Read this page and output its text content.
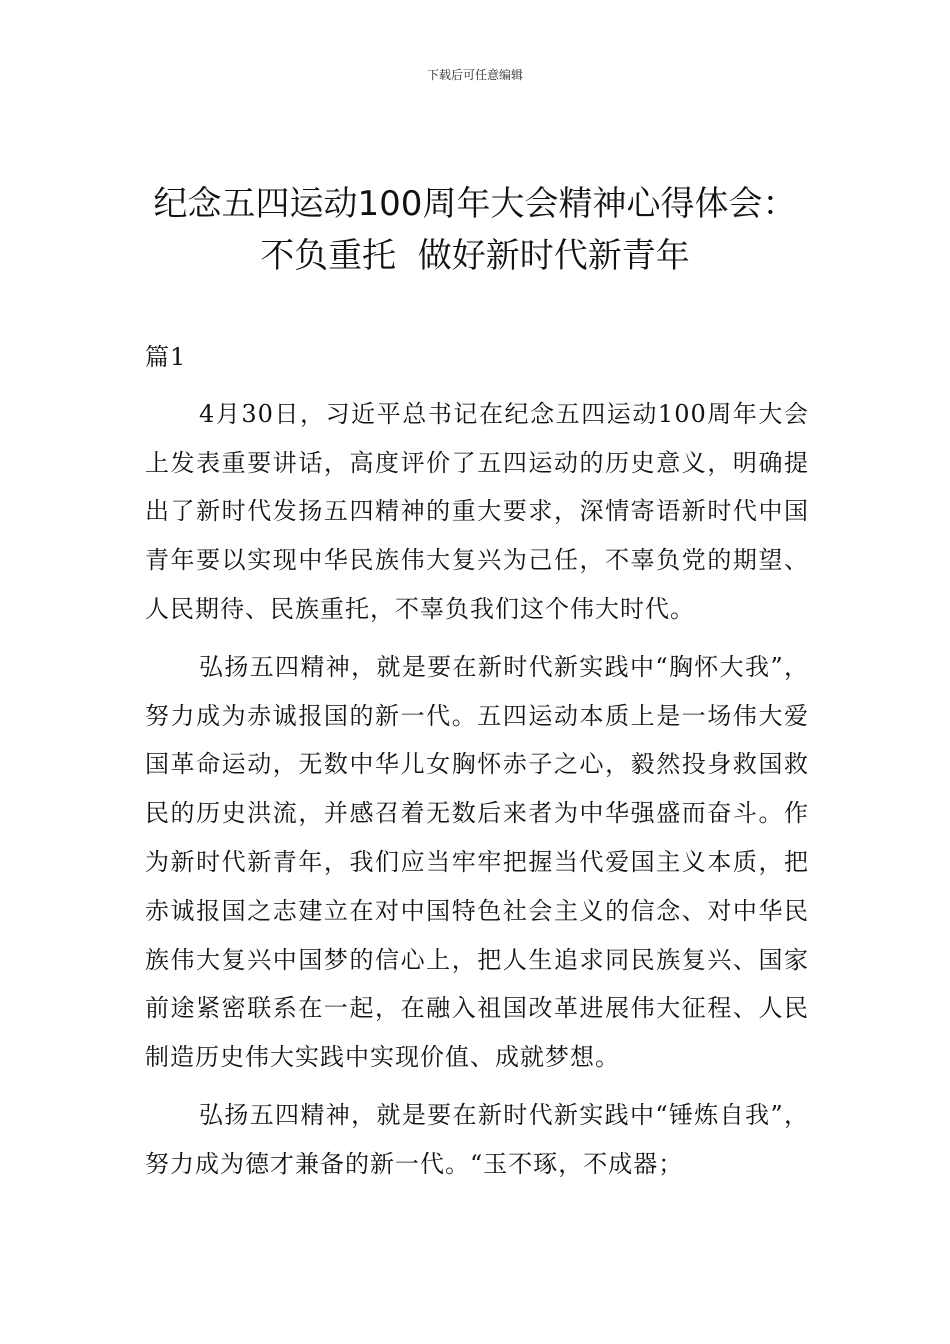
下载后可任意编辑
纪念五四运动100周年大会精神心得体会：
不负重托  做好新时代新青年
篇1

4月30日，习近平总书记在纪念五四运动100周年大会上发表重要讲话，高度评价了五四运动的历史意义，明确提出了新时代发扬五四精神的重大要求，深情寄语新时代中国青年要以实现中华民族伟大复兴为己任，不辜负党的期望、人民期待、民族重托，不辜负我们这个伟大时代。

弘扬五四精神，就是要在新时代新实践中“胸怀大我”，努力成为赤诚报国的新一代。五四运动本质上是一场伟大爱国革命运动，无数中华儿女胸怀赤子之心，毅然投身救国救民的历史洪流，并感召着无数后来者为中华强盛而奋斗。作为新时代新青年，我们应当牢牢把握当代爱国主义本质，把赤诚报国之志建立在对中国特色社会主义的信念、对中华民族伟大复兴中国梦的信心上，把人生追求同民族复兴、国家前途紧密联系在一起，在融入祖国改革进展伟大征程、人民制造历史伟大实践中实现价值、成就梦想。

弘扬五四精神，就是要在新时代新实践中“锤炼自我”，努力成为德才兼备的新一代。“玉不琢，不成器；
